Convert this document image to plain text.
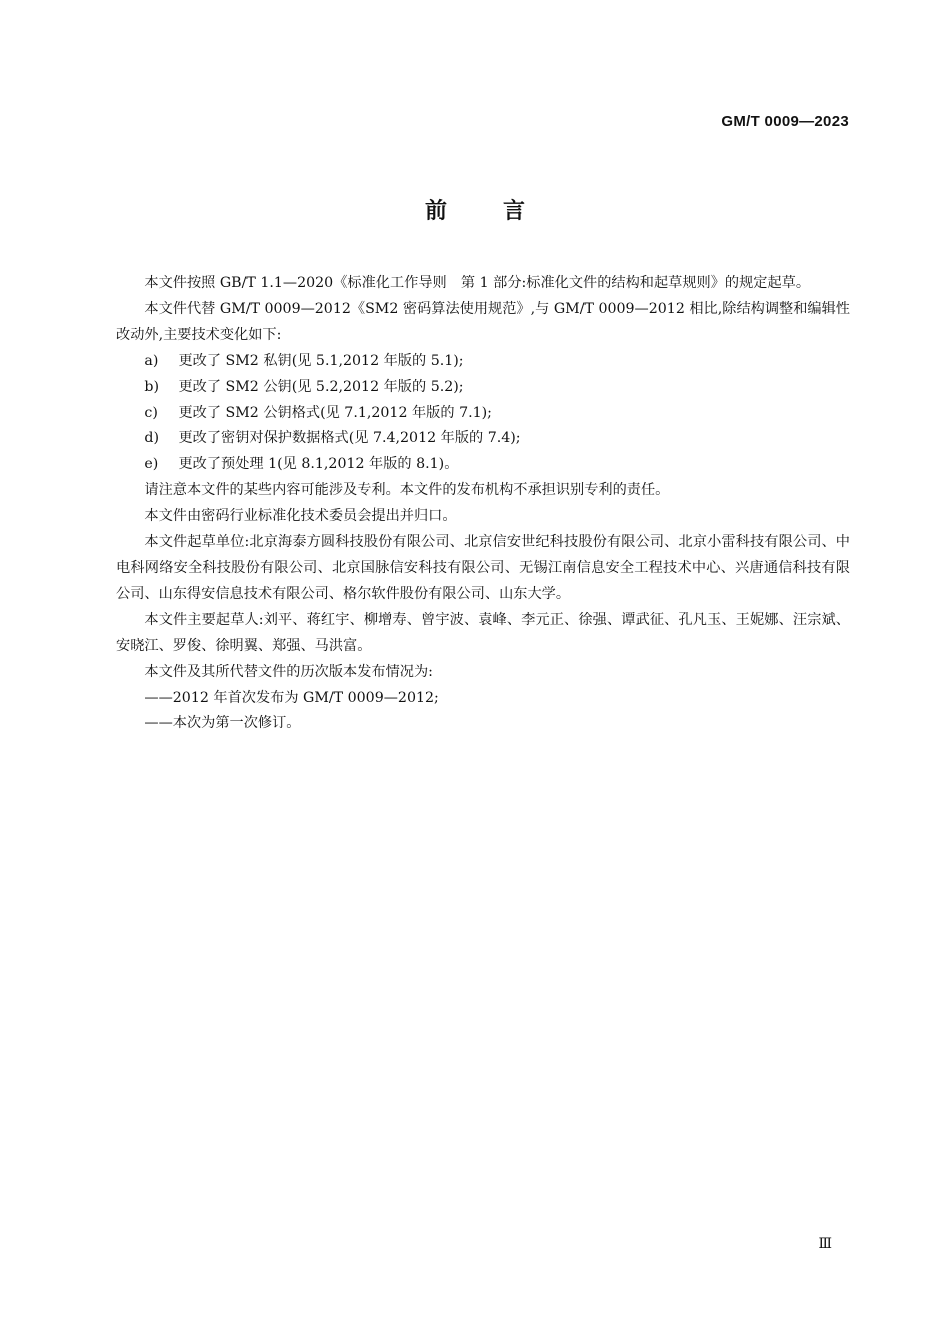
GM/T 0009—2023
前言

本文件按照 GB/T 1.1—2020《标准化工作导则　第 1 部分:标准化文件的结构和起草规则》的规定起草。

本文件代替 GM/T 0009—2012《SM2 密码算法使用规范》,与 GM/T 0009—2012 相比,除结构调整和编辑性改动外,主要技术变化如下:

a) 更改了 SM2 私钥(见 5.1,2012 年版的 5.1);

b) 更改了 SM2 公钥(见 5.2,2012 年版的 5.2);

c) 更改了 SM2 公钥格式(见 7.1,2012 年版的 7.1);

d) 更改了密钥对保护数据格式(见 7.4,2012 年版的 7.4);

e) 更改了预处理 1(见 8.1,2012 年版的 8.1)。

请注意本文件的某些内容可能涉及专利。本文件的发布机构不承担识别专利的责任。

本文件由密码行业标准化技术委员会提出并归口。

本文件起草单位:北京海泰方圆科技股份有限公司、北京信安世纪科技股份有限公司、北京小雷科技有限公司、中电科网络安全科技股份有限公司、北京国脉信安科技有限公司、无锡江南信息安全工程技术中心、兴唐通信科技有限公司、山东得安信息技术有限公司、格尔软件股份有限公司、山东大学。

本文件主要起草人:刘平、蒋红宇、柳增寿、曾宇波、袁峰、李元正、徐强、谭武征、孔凡玉、王妮娜、汪宗斌、安晓江、罗俊、徐明翼、郑强、马洪富。

本文件及其所代替文件的历次版本发布情况为:

——2012 年首次发布为 GM/T 0009—2012;

——本次为第一次修订。

Ⅲ
